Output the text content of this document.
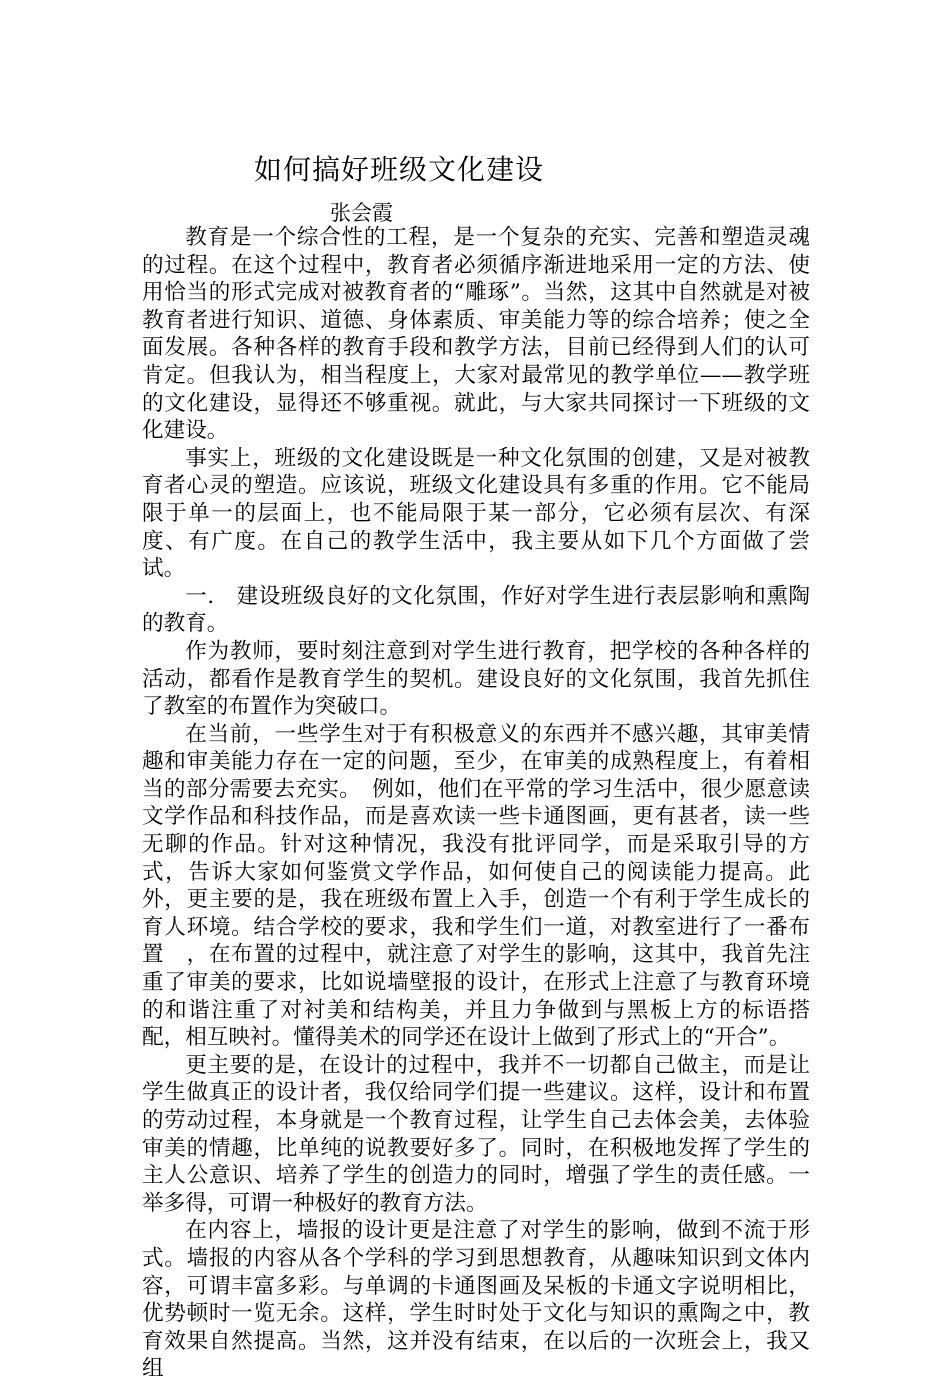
如何搞好班级文化建设
张会霞

教育是一个综合性的工程，是一个复杂的充实、完善和塑造灵魂的过程。在这个过程中，教育者必须循序渐进地采用一定的方法、使用恰当的形式完成对被教育者的“雕琢”。当然，这其中自然就是对被教育者进行知识、道德、身体素质、审美能力等的综合培养；使之全面发展。各种各样的教育手段和教学方法，目前已经得到人们的认可肯定。但我认为，相当程度上，大家对最常见的教学单位——教学班的文化建设，显得还不够重视。就此，与大家共同探讨一下班级的文化建设。

事实上，班级的文化建设既是一种文化氛围的创建，又是对被教育者心灵的塑造。应该说，班级文化建设具有多重的作用。它不能局限于单一的层面上，也不能局限于某一部分，它必须有层次、有深度、有广度。在自己的教学生活中，我主要从如下几个方面做了尝试。

一.　建设班级良好的文化氛围，作好对学生进行表层影响和熏陶的教育。

作为教师，要时刻注意到对学生进行教育，把学校的各种各样的活动，都看作是教育学生的契机。建设良好的文化氛围，我首先抓住了教室的布置作为突破口。

在当前，一些学生对于有积极意义的东西并不感兴趣，其审美情趣和审美能力存在一定的问题，至少，在审美的成熟程度上，有着相当的部分需要去充实。　例如，他们在平常的学习生活中，很少愿意读文学作品和科技作品，而是喜欢读一些卡通图画，更有甚者，读一些无聊的作品。针对这种情况，我没有批评同学，而是采取引导的方式，告诉大家如何鉴赏文学作品，如何使自己的阅读能力提高。此外，更主要的是，我在班级布置上入手，创造一个有利于学生成长的育人环境。结合学校的要求，我和学生们一道，对教室进行了一番布置　，在布置的过程中，就注意了对学生的影响，这其中，我首先注重了审美的要求，比如说墙壁报的设计，在形式上注意了与教育环境的和谐注重了对衬美和结构美，并且力争做到与黑板上方的标语搭配，相互映衬。懂得美术的同学还在设计上做到了形式上的“开合”。

更主要的是，在设计的过程中，我并不一切都自己做主，而是让学生做真正的设计者，我仅给同学们提一些建议。这样，设计和布置的劳动过程，本身就是一个教育过程，让学生自己去体会美，去体验审美的情趣，比单纯的说教要好多了。同时，在积极地发挥了学生的主人公意识、培养了学生的创造力的同时，增强了学生的责任感。一举多得，可谓一种极好的教育方法。

在内容上，墙报的设计更是注意了对学生的影响，做到不流于形式。墙报的内容从各个学科的学习到思想教育，从趣味知识到文体内容，可谓丰富多彩。与单调的卡通图画及呆板的卡通文字说明相比，优势顿时一览无余。这样，学生时时处于文化与知识的熏陶之中，教育效果自然提高。当然，这并没有结束，在以后的一次班会上，我又组
